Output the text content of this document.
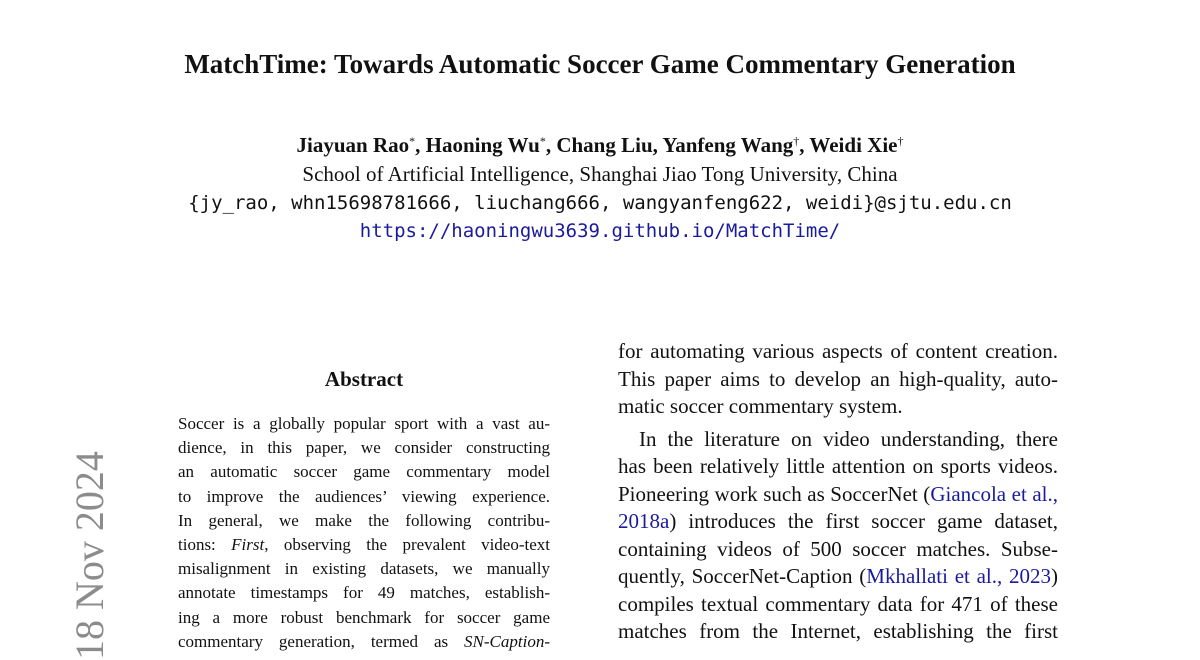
MatchTime: Towards Automatic Soccer Game Commentary Generation
Jiayuan Rao*, Haoning Wu*, Chang Liu, Yanfeng Wang†, Weidi Xie†
School of Artificial Intelligence, Shanghai Jiao Tong University, China
{jy_rao, whn15698781666, liuchang666, wangyanfeng622, weidi}@sjtu.edu.cn
https://haoningwu3639.github.io/MatchTime/
18 Nov 2024
Abstract
Soccer is a globally popular sport with a vast au-
dience, in this paper, we consider constructing
an automatic soccer game commentary model
to improve the audiences’ viewing experience.
In general, we make the following contribu-
tions: First, observing the prevalent video-text
misalignment in existing datasets, we manually
annotate timestamps for 49 matches, establish-
ing a more robust benchmark for soccer game
commentary generation, termed as SN-Caption-
for automating various aspects of content creation.
This paper aims to develop an high-quality, auto-
matic soccer commentary system.
In the literature on video understanding, there
has been relatively little attention on sports videos.
Pioneering work such as SoccerNet (Giancola et al.,
2018a) introduces the first soccer game dataset,
containing videos of 500 soccer matches. Subse-
quently, SoccerNet-Caption (Mkhallati et al., 2023)
compiles textual commentary data for 471 of these
matches from the Internet, establishing the first
